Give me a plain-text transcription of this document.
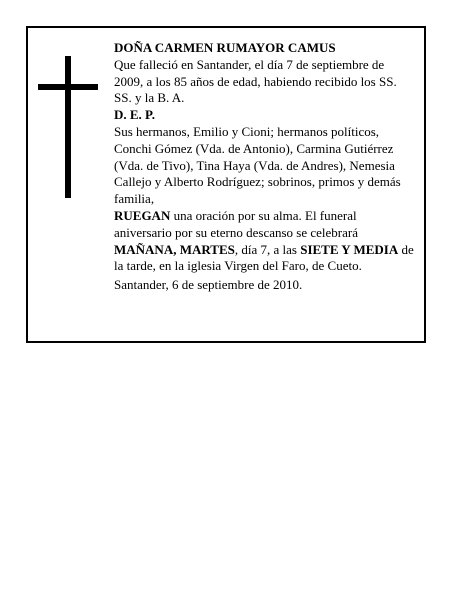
DOÑA CARMEN RUMAYOR CAMUS

Que falleció en Santander, el día 7 de septiembre de 2009, a los 85 años de edad, habiendo recibido los SS. SS. y la B. A.

D. E. P.

Sus hermanos, Emilio y Cioni; hermanos políticos, Conchi Gómez (Vda. de Antonio), Carmina Gutiérrez (Vda. de Tivo), Tina Haya (Vda. de Andres), Nemesia Callejo y Alberto Rodríguez; sobrinos, primos y demás familia,

RUEGAN una oración por su alma. El funeral aniversario por su eterno descanso se celebrará MAÑANA, MARTES, día 7, a las SIETE Y MEDIA de la tarde, en la iglesia Virgen del Faro, de Cueto.

Santander, 6 de septiembre de 2010.
